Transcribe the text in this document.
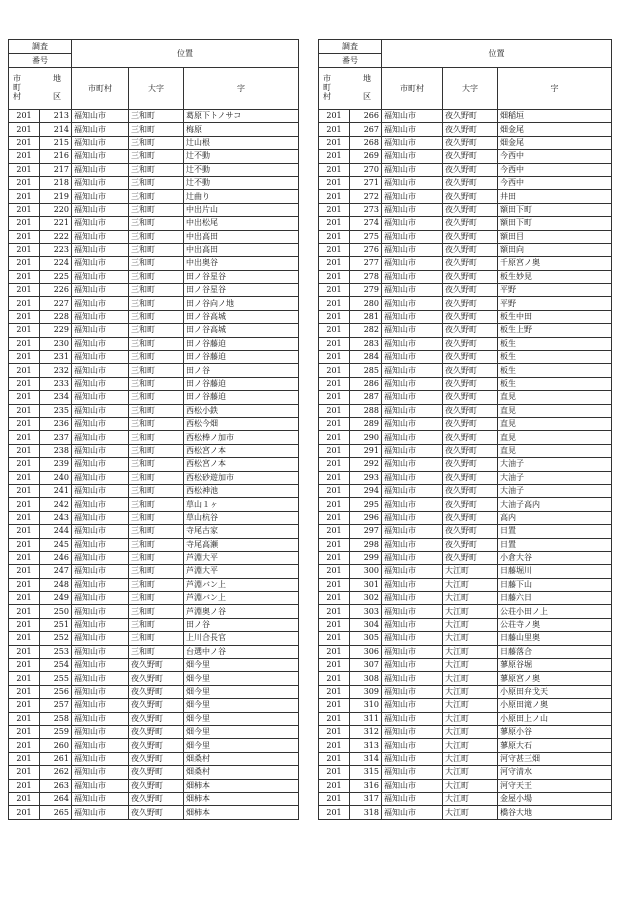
調査		位置		
番号				

市
町
村
地

区		市町村	大字	字
201	213	福知山市	三和町	葛原下トノサコ
201	214	福知山市	三和町	梅原
201	215	福知山市	三和町	辻山根
201	216	福知山市	三和町	辻不動
201	217	福知山市	三和町	辻不動
201	218	福知山市	三和町	辻不動
201	219	福知山市	三和町	辻曲り
201	220	福知山市	三和町	中出片山
201	221	福知山市	三和町	中出松尾
201	222	福知山市	三和町	中出高田
201	223	福知山市	三和町	中出高田
201	224	福知山市	三和町	中出奥谷
201	225	福知山市	三和町	田ノ谷星谷
201	226	福知山市	三和町	田ノ谷星谷
201	227	福知山市	三和町	田ノ谷向ノ地
201	228	福知山市	三和町	田ノ谷高城
201	229	福知山市	三和町	田ノ谷高城
201	230	福知山市	三和町	田ノ谷藤迫
201	231	福知山市	三和町	田ノ谷藤迫
201	232	福知山市	三和町	田ノ谷
201	233	福知山市	三和町	田ノ谷藤迫
201	234	福知山市	三和町	田ノ谷藤迫
201	235	福知山市	三和町	西松小鉄
201	236	福知山市	三和町	西松今畑
201	237	福知山市	三和町	西松棒ノ加市
201	238	福知山市	三和町	西松宮ノ本
201	239	福知山市	三和町	西松宮ノ本
201	240	福知山市	三和町	西松砂遊加市
201	241	福知山市	三和町	西松神池
201	242	福知山市	三和町	草山１ヶ
201	243	福知山市	三和町	草山杭谷
201	244	福知山市	三和町	寺尾古家
201	245	福知山市	三和町	寺尾高瀬
201	246	福知山市	三和町	芦淵大平
201	247	福知山市	三和町	芦淵大平
201	248	福知山市	三和町	芦淵バン上
201	249	福知山市	三和町	芦淵バン上
201	250	福知山市	三和町	芦淵奥ノ谷
201	251	福知山市	三和町	田ノ谷
201	252	福知山市	三和町	上川合長官
201	253	福知山市	三和町	台選中ノ谷
201	254	福知山市	夜久野町	畑今里
201	255	福知山市	夜久野町	畑今里
201	256	福知山市	夜久野町	畑今里
201	257	福知山市	夜久野町	畑今里
201	258	福知山市	夜久野町	畑今里
201	259	福知山市	夜久野町	畑今里
201	260	福知山市	夜久野町	畑今里
201	261	福知山市	夜久野町	畑桑村
201	262	福知山市	夜久野町	畑桑村
201	263	福知山市	夜久野町	畑柿本
201	264	福知山市	夜久野町	畑柿本
201	265	福知山市	夜久野町	畑柿本
調査		位置		
番号				

市
町
村
地

区		市町村	大字	字
201	266	福知山市	夜久野町	畑稲垣
201	267	福知山市	夜久野町	畑金尾
201	268	福知山市	夜久野町	畑金尾
201	269	福知山市	夜久野町	今西中
201	270	福知山市	夜久野町	今西中
201	271	福知山市	夜久野町	今西中
201	272	福知山市	夜久野町	井田
201	273	福知山市	夜久野町	額田下町
201	274	福知山市	夜久野町	額田下町
201	275	福知山市	夜久野町	額田目
201	276	福知山市	夜久野町	額田向
201	277	福知山市	夜久野町	千原宮ノ奥
201	278	福知山市	夜久野町	板生妙見
201	279	福知山市	夜久野町	平野
201	280	福知山市	夜久野町	平野
201	281	福知山市	夜久野町	板生中田
201	282	福知山市	夜久野町	板生上野
201	283	福知山市	夜久野町	板生
201	284	福知山市	夜久野町	板生
201	285	福知山市	夜久野町	板生
201	286	福知山市	夜久野町	板生
201	287	福知山市	夜久野町	直見
201	288	福知山市	夜久野町	直見
201	289	福知山市	夜久野町	直見
201	290	福知山市	夜久野町	直見
201	291	福知山市	夜久野町	直見
201	292	福知山市	夜久野町	大油子
201	293	福知山市	夜久野町	大油子
201	294	福知山市	夜久野町	大油子
201	295	福知山市	夜久野町	大油子高内
201	296	福知山市	夜久野町	高内
201	297	福知山市	夜久野町	日置
201	298	福知山市	夜久野町	日置
201	299	福知山市	夜久野町	小倉大谷
201	300	福知山市	大江町	日藤堀川
201	301	福知山市	大江町	日藤下山
201	302	福知山市	大江町	日藤六日
201	303	福知山市	大江町	公荘小田ノ上
201	304	福知山市	大江町	公荘寺ノ奥
201	305	福知山市	大江町	日藤山里奥
201	306	福知山市	大江町	日藤落合
201	307	福知山市	大江町	蓼原谷堀
201	308	福知山市	大江町	蓼原宮ノ奥
201	309	福知山市	大江町	小原田弁戈天
201	310	福知山市	大江町	小原田滝ノ奥
201	311	福知山市	大江町	小原田上ノ山
201	312	福知山市	大江町	蓼原小谷
201	313	福知山市	大江町	蓼原大石
201	314	福知山市	大江町	河守甚三畑
201	315	福知山市	大江町	河守清水
201	316	福知山市	大江町	河守天王
201	317	福知山市	大江町	金屋小場
201	318	福知山市	大江町	橋谷大地
